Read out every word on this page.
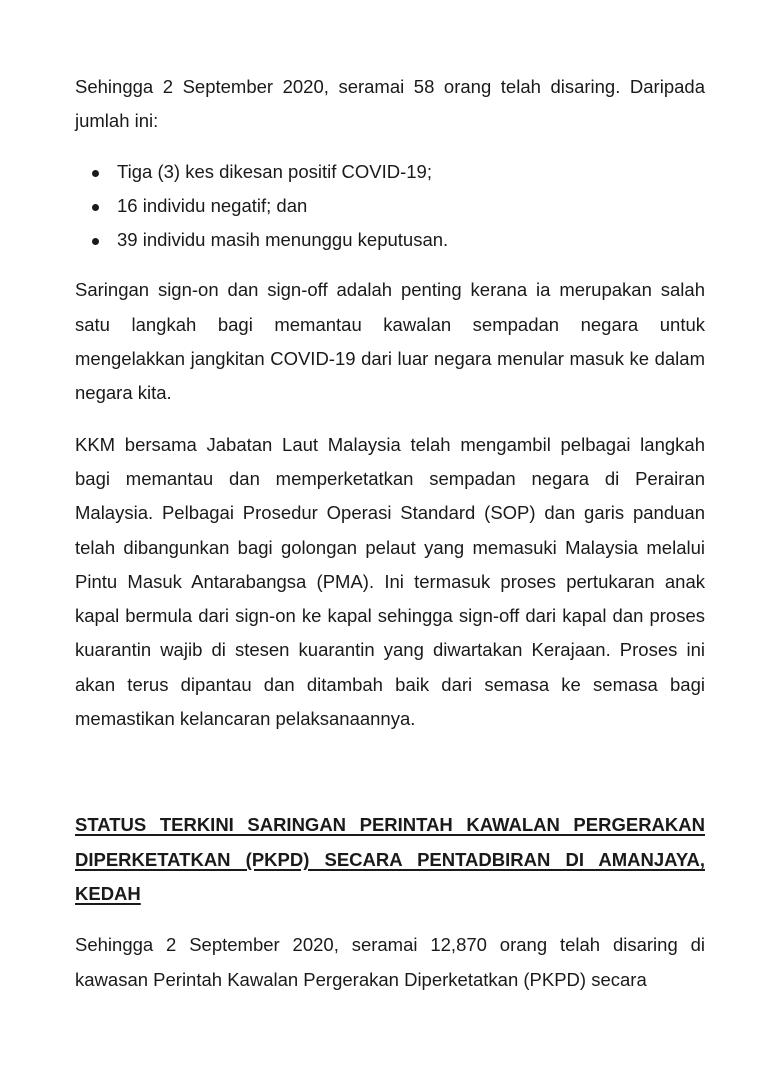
Sehingga 2 September 2020, seramai 58 orang telah disaring. Daripada jumlah ini:

Tiga (3) kes dikesan positif COVID-19;
16 individu negatif; dan
39 individu masih menunggu keputusan.

Saringan sign-on dan sign-off adalah penting kerana ia merupakan salah satu langkah bagi memantau kawalan sempadan negara untuk mengelakkan jangkitan COVID-19 dari luar negara menular masuk ke dalam negara kita.

KKM bersama Jabatan Laut Malaysia telah mengambil pelbagai langkah bagi memantau dan memperketatkan sempadan negara di Perairan Malaysia. Pelbagai Prosedur Operasi Standard (SOP) dan garis panduan telah dibangunkan bagi golongan pelaut yang memasuki Malaysia melalui Pintu Masuk Antarabangsa (PMA). Ini termasuk proses pertukaran anak kapal bermula dari sign-on ke kapal sehingga sign-off dari kapal dan proses kuarantin wajib di stesen kuarantin yang diwartakan Kerajaan. Proses ini akan terus dipantau dan ditambah baik dari semasa ke semasa bagi memastikan kelancaran pelaksanaannya.

STATUS TERKINI SARINGAN PERINTAH KAWALAN PERGERAKAN DIPERKETATKAN (PKPD) SECARA PENTADBIRAN DI AMANJAYA, KEDAH

Sehingga 2 September 2020, seramai 12,870 orang telah disaring di kawasan Perintah Kawalan Pergerakan Diperketatkan (PKPD) secara
